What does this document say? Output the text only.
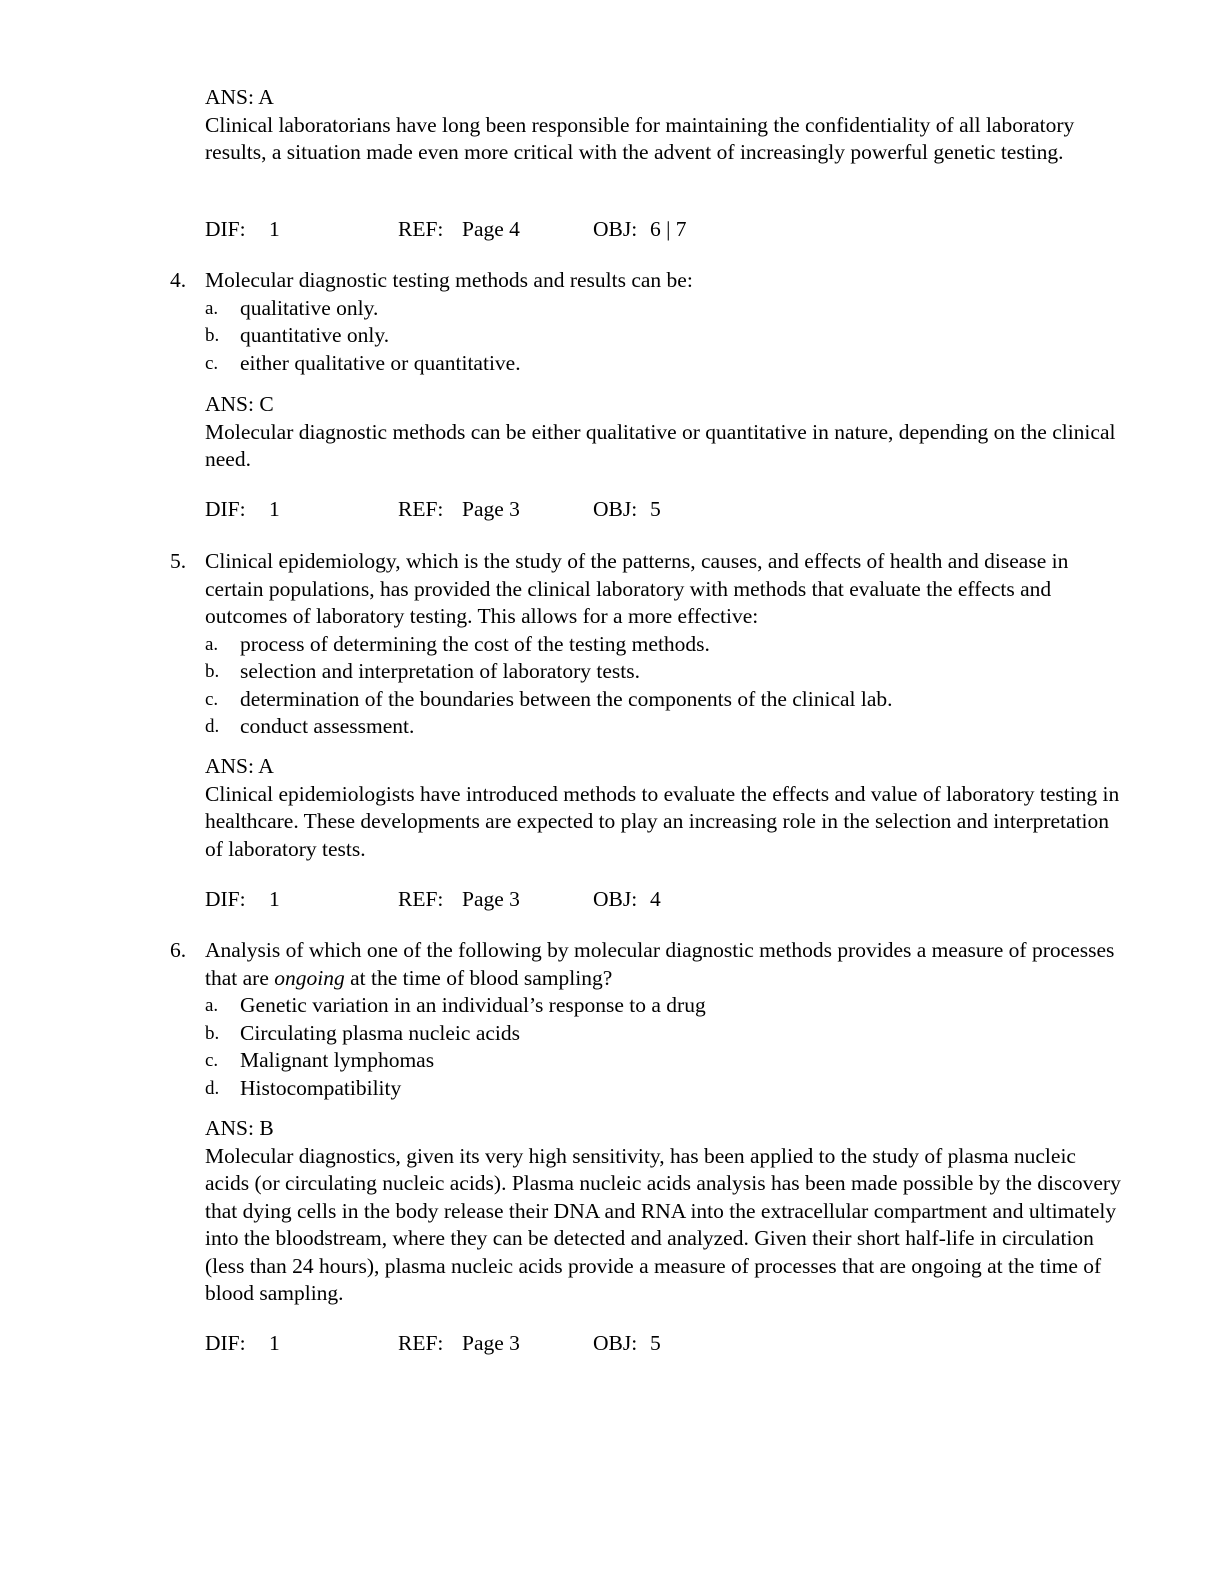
ANS: A

Clinical laboratorians have long been responsible for maintaining the confidentiality of all laboratory results, a situation made even more critical with the advent of increasingly powerful genetic testing.

DIF: 1	REF: Page 4	OBJ: 6 | 7
4. Molecular diagnostic testing methods and results can be:

a. qualitative only.
b. quantitative only.
c. either qualitative or quantitative.
ANS: C

Molecular diagnostic methods can be either qualitative or quantitative in nature, depending on the clinical need.

DIF: 1	REF: Page 3	OBJ: 5
5. Clinical epidemiology, which is the study of the patterns, causes, and effects of health and disease in certain populations, has provided the clinical laboratory with methods that evaluate the effects and outcomes of laboratory testing. This allows for a more effective:

a. process of determining the cost of the testing methods.
b. selection and interpretation of laboratory tests.
c. determination of the boundaries between the components of the clinical lab.
d. conduct assessment.
ANS: A

Clinical epidemiologists have introduced methods to evaluate the effects and value of laboratory testing in healthcare. These developments are expected to play an increasing role in the selection and interpretation of laboratory tests.

DIF: 1	REF: Page 3	OBJ: 4
6. Analysis of which one of the following by molecular diagnostic methods provides a measure of processes that are ongoing at the time of blood sampling?

a. Genetic variation in an individual’s response to a drug
b. Circulating plasma nucleic acids
c. Malignant lymphomas
d. Histocompatibility
ANS: B

Molecular diagnostics, given its very high sensitivity, has been applied to the study of plasma nucleic acids (or circulating nucleic acids). Plasma nucleic acids analysis has been made possible by the discovery that dying cells in the body release their DNA and RNA into the extracellular compartment and ultimately into the bloodstream, where they can be detected and analyzed. Given their short half-life in circulation (less than 24 hours), plasma nucleic acids provide a measure of processes that are ongoing at the time of blood sampling.

DIF: 1	REF: Page 3	OBJ: 5
